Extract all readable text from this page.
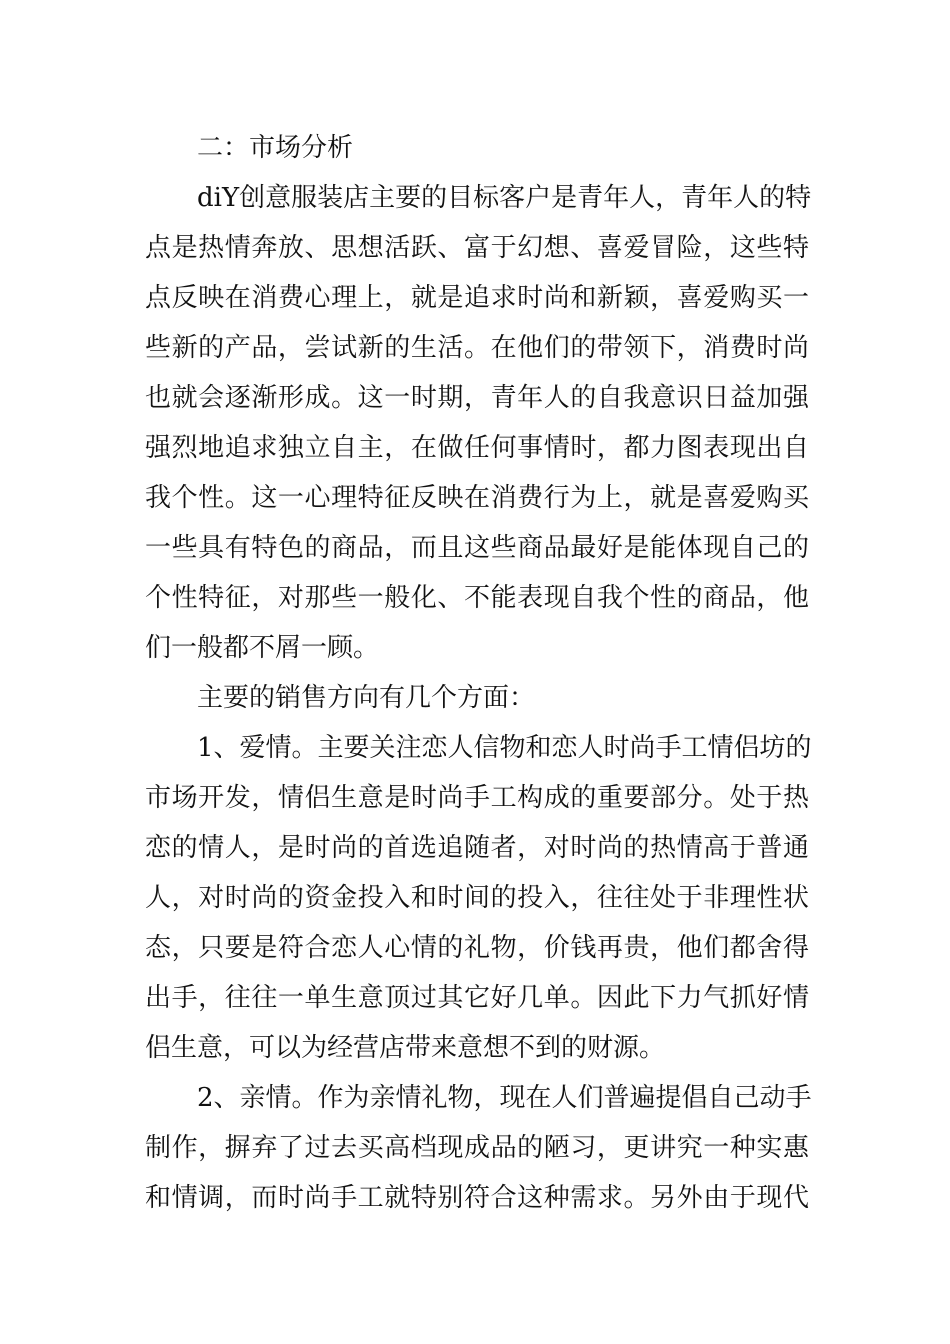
二：市场分析
diY创意服装店主要的目标客户是青年人，青年人的特
点是热情奔放、思想活跃、富于幻想、喜爱冒险，这些特
点反映在消费心理上，就是追求时尚和新颖，喜爱购买一
些新的产品，尝试新的生活。在他们的带领下，消费时尚
也就会逐渐形成。这一时期，青年人的自我意识日益加强
强烈地追求独立自主，在做任何事情时，都力图表现出自
我个性。这一心理特征反映在消费行为上，就是喜爱购买
一些具有特色的商品，而且这些商品最好是能体现自己的
个性特征，对那些一般化、不能表现自我个性的商品，他
们一般都不屑一顾。
主要的销售方向有几个方面：
1、爱情。主要关注恋人信物和恋人时尚手工情侣坊的
市场开发，情侣生意是时尚手工构成的重要部分。处于热
恋的情人，是时尚的首选追随者，对时尚的热情高于普通
人，对时尚的资金投入和时间的投入，往往处于非理性状
态，只要是符合恋人心情的礼物，价钱再贵，他们都舍得
出手，往往一单生意顶过其它好几单。因此下力气抓好情
侣生意，可以为经营店带来意想不到的财源。
2、亲情。作为亲情礼物，现在人们普遍提倡自己动手
制作，摒弃了过去买高档现成品的陋习，更讲究一种实惠
和情调，而时尚手工就特别符合这种需求。另外由于现代
